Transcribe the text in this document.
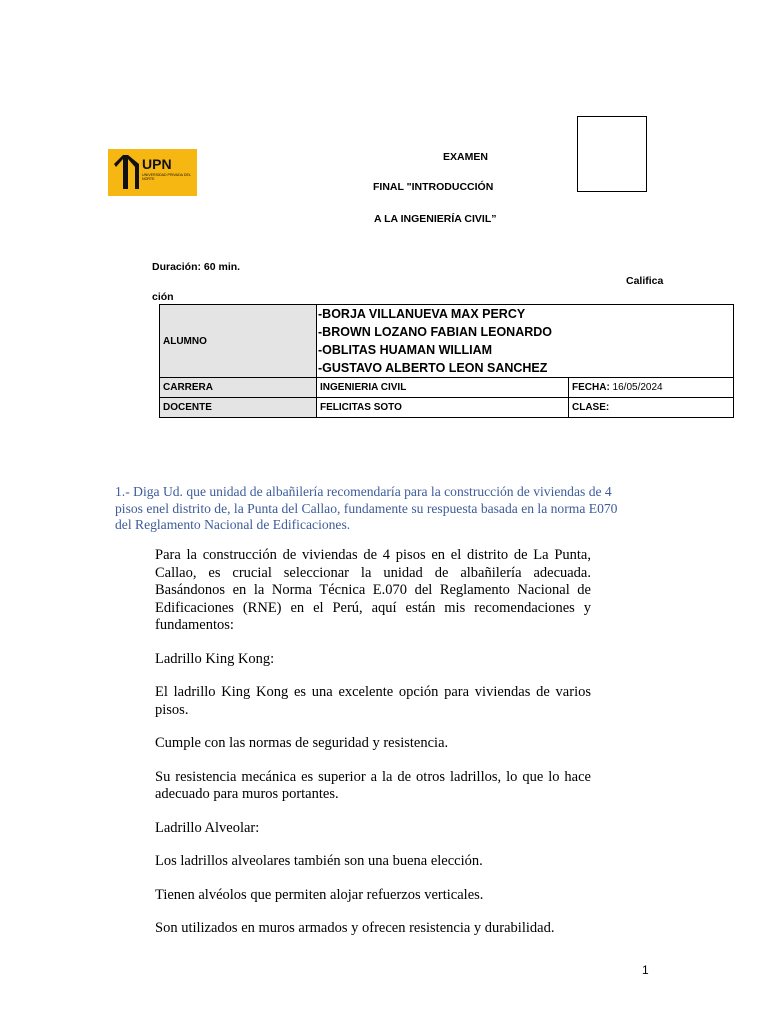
UPN
UNIVERSIDAD PRIVADA DEL NORTE
EXAMEN
FINAL "INTRODUCCIÓN
A LA INGENIERÍA CIVIL”
Duración: 60 min.
Califica
ción
ALUMNO	-BORJA VILLANUEVA MAX PERCY
-BROWN LOZANO FABIAN LEONARDO
-OBLITAS HUAMAN WILLIAM
-GUSTAVO ALBERTO LEON SANCHEZ	

CARRERA	INGENIERIA CIVIL	FECHA: 16/05/2024
DOCENTE	FELICITAS SOTO	CLASE:
1.- Diga Ud. que unidad de albañilería recomendaría para la construcción de viviendas de 4 pisos enel distrito de, la Punta del Callao, fundamente su respuesta basada en la norma E070 del Reglamento Nacional de Edificaciones.

Para la construcción de viviendas de 4 pisos en el distrito de La Punta, Callao, es crucial seleccionar la unidad de albañilería adecuada. Basándonos en la Norma Técnica E.070 del Reglamento Nacional de Edificaciones (RNE) en el Perú, aquí están mis recomendaciones y fundamentos:

Ladrillo King Kong:

El ladrillo King Kong es una excelente opción para viviendas de varios pisos.

Cumple con las normas de seguridad y resistencia.

Su resistencia mecánica es superior a la de otros ladrillos, lo que lo hace adecuado para muros portantes.

Ladrillo Alveolar:

Los ladrillos alveolares también son una buena elección.

Tienen alvéolos que permiten alojar refuerzos verticales.

Son utilizados en muros armados y ofrecen resistencia y durabilidad.

1
